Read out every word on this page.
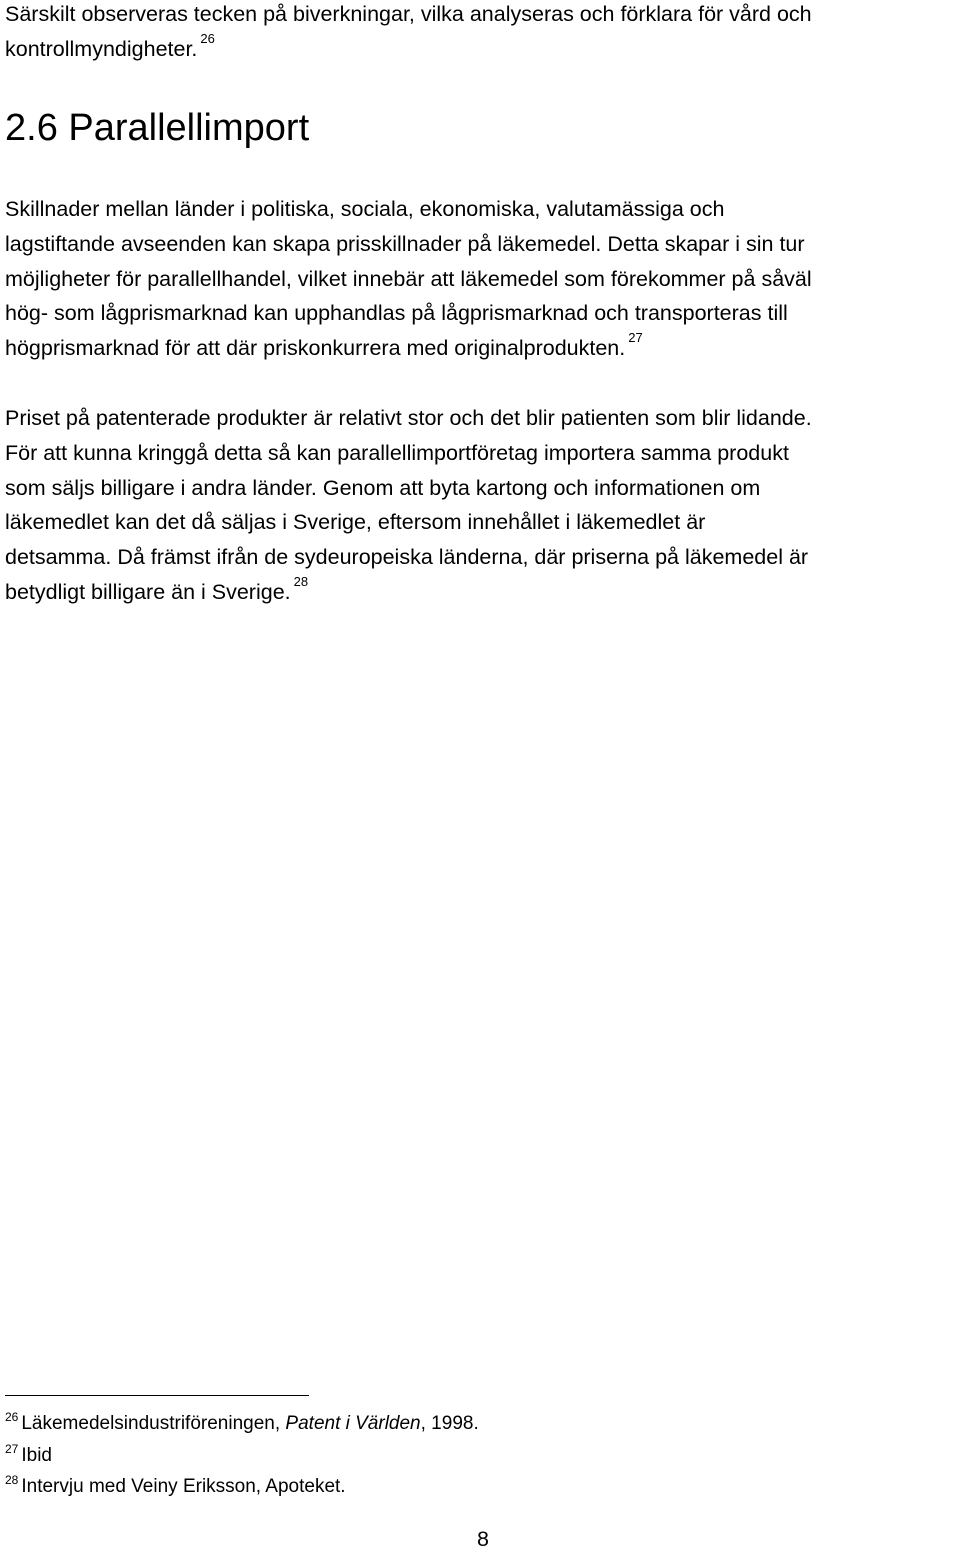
Särskilt observeras tecken på biverkningar, vilka analyseras och förklara för vård och
kontrollmyndigheter. $^{26}$

2.6 Parallellimport

Skillnader mellan länder i politiska, sociala, ekonomiska, valutamässiga och
lagstiftande avseenden kan skapa prisskillnader på läkemedel. Detta skapar i sin tur
möjligheter för parallellhandel, vilket innebär att läkemedel som förekommer på såväl
hög- som lågprismarknad kan upphandlas på lågprismarknad och transporteras till
högprismarknad för att där priskonkurrera med originalprodukten. $^{27}$

Priset på patenterade produkter är relativt stor och det blir patienten som blir lidande.
För att kunna kringgå detta så kan parallellimportföretag importera samma produkt
som säljs billigare i andra länder. Genom att byta kartong och informationen om
läkemedlet kan det då säljas i Sverige, eftersom innehållet i läkemedlet är
detsamma. Då främst ifrån de sydeuropeiska länderna, där priserna på läkemedel är
betydligt billigare än i Sverige. $^{28}$

$^{26}$ Läkemedelsindustriföreningen, Patent i Världen, 1998.
$^{27}$ Ibid
$^{28}$ Intervju med Veiny Eriksson, Apoteket.
8
